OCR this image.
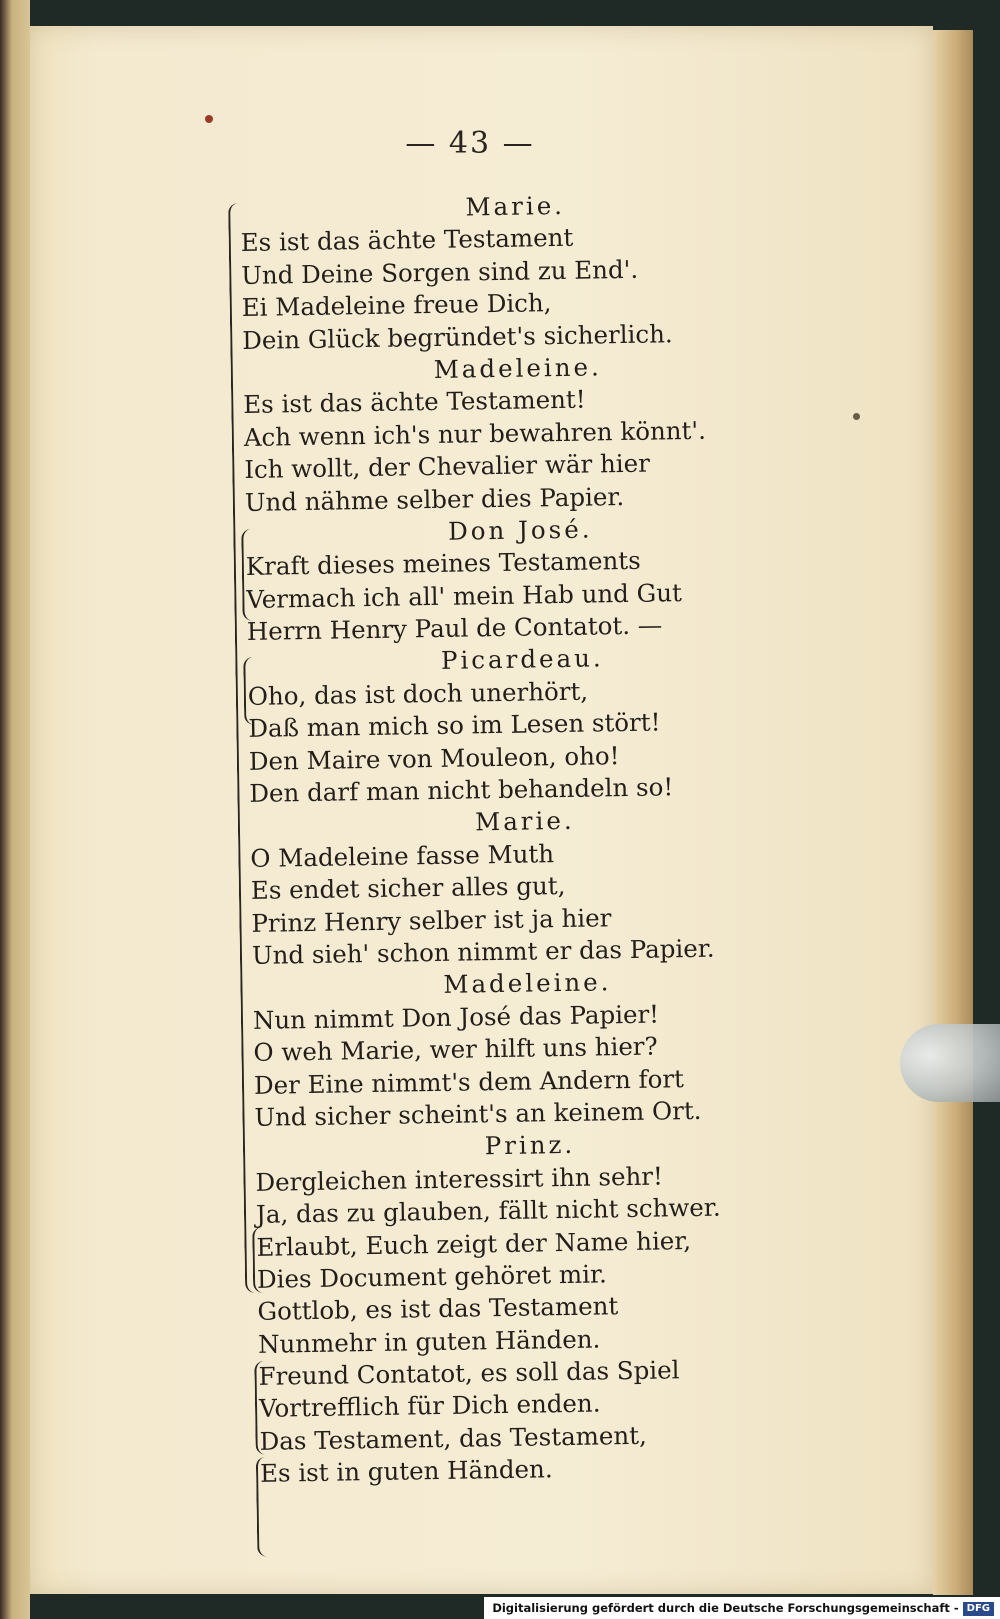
— 43 —
Marie.
Es ist das ächte Testament
Und Deine Sorgen sind zu End'.
Ei Madeleine freue Dich,
Dein Glück begründet's sicherlich.
Madeleine.
Es ist das ächte Testament!
Ach wenn ich's nur bewahren könnt'.
Ich wollt, der Chevalier wär hier
Und nähme selber dies Papier.
Don José.
Kraft dieses meines Testaments
Vermach ich all' mein Hab und Gut
Herrn Henry Paul de Contatot. —
Picardeau.
Oho, das ist doch unerhört,
Daß man mich so im Lesen stört!
Den Maire von Mouleon, oho!
Den darf man nicht behandeln so!
Marie.
O Madeleine fasse Muth
Es endet sicher alles gut,
Prinz Henry selber ist ja hier
Und sieh' schon nimmt er das Papier.
Madeleine.
Nun nimmt Don José das Papier!
O weh Marie, wer hilft uns hier?
Der Eine nimmt's dem Andern fort
Und sicher scheint's an keinem Ort.
Prinz.
Dergleichen interessirt ihn sehr!
Ja, das zu glauben, fällt nicht schwer.
Erlaubt, Euch zeigt der Name hier,
Dies Document gehöret mir.
Gottlob, es ist das Testament
Nunmehr in guten Händen.
Freund Contatot, es soll das Spiel
Vortrefflich für Dich enden.
Das Testament, das Testament,
Es ist in guten Händen.
Digitalisierung gefördert durch die Deutsche Forschungsgemeinschaft - DFG
